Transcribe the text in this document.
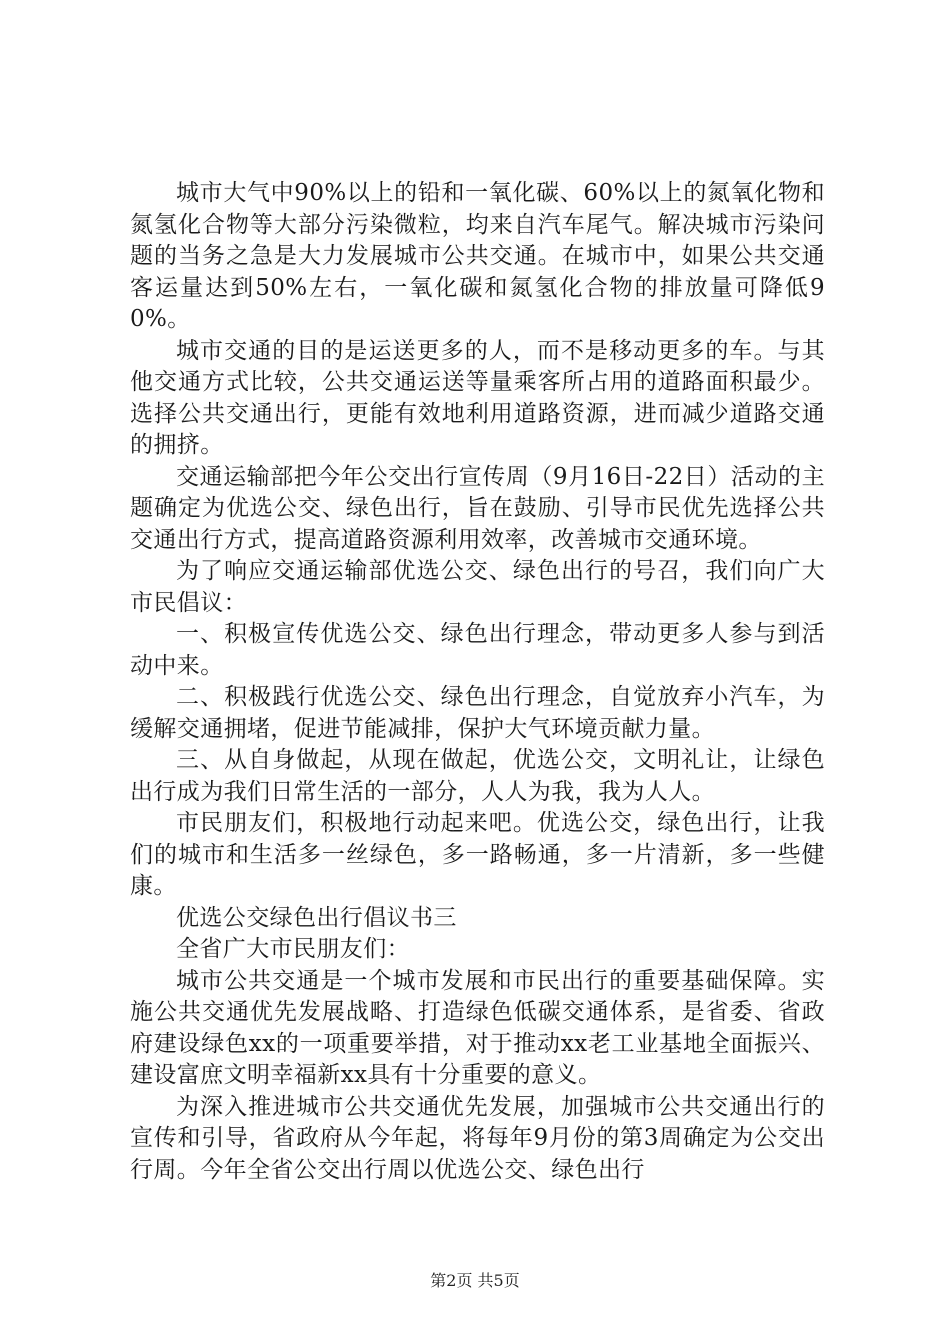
城市大气中90%以上的铅和一氧化碳、60%以上的氮氧化物和氮氢化合物等大部分污染微粒，均来自汽车尾气。解决城市污染问题的当务之急是大力发展城市公共交通。在城市中，如果公共交通客运量达到50%左右，一氧化碳和氮氢化合物的排放量可降低90%。

城市交通的目的是运送更多的人，而不是移动更多的车。与其他交通方式比较，公共交通运送等量乘客所占用的道路面积最少。选择公共交通出行，更能有效地利用道路资源，进而减少道路交通的拥挤。

交通运输部把今年公交出行宣传周（9月16日-22日）活动的主题确定为优选公交、绿色出行，旨在鼓励、引导市民优先选择公共交通出行方式，提高道路资源利用效率，改善城市交通环境。

为了响应交通运输部优选公交、绿色出行的号召，我们向广大市民倡议：

一、积极宣传优选公交、绿色出行理念，带动更多人参与到活动中来。

二、积极践行优选公交、绿色出行理念，自觉放弃小汽车，为缓解交通拥堵，促进节能减排，保护大气环境贡献力量。

三、从自身做起，从现在做起，优选公交，文明礼让，让绿色出行成为我们日常生活的一部分，人人为我，我为人人。

市民朋友们，积极地行动起来吧。优选公交，绿色出行，让我们的城市和生活多一丝绿色，多一路畅通，多一片清新，多一些健康。

优选公交绿色出行倡议书三

全省广大市民朋友们：

城市公共交通是一个城市发展和市民出行的重要基础保障。实施公共交通优先发展战略、打造绿色低碳交通体系，是省委、省政府建设绿色xx的一项重要举措，对于推动xx老工业基地全面振兴、建设富庶文明幸福新xx具有十分重要的意义。

为深入推进城市公共交通优先发展，加强城市公共交通出行的宣传和引导，省政府从今年起，将每年9月份的第3周确定为公交出行周。今年全省公交出行周以优选公交、绿色出行

第2页 共5页
